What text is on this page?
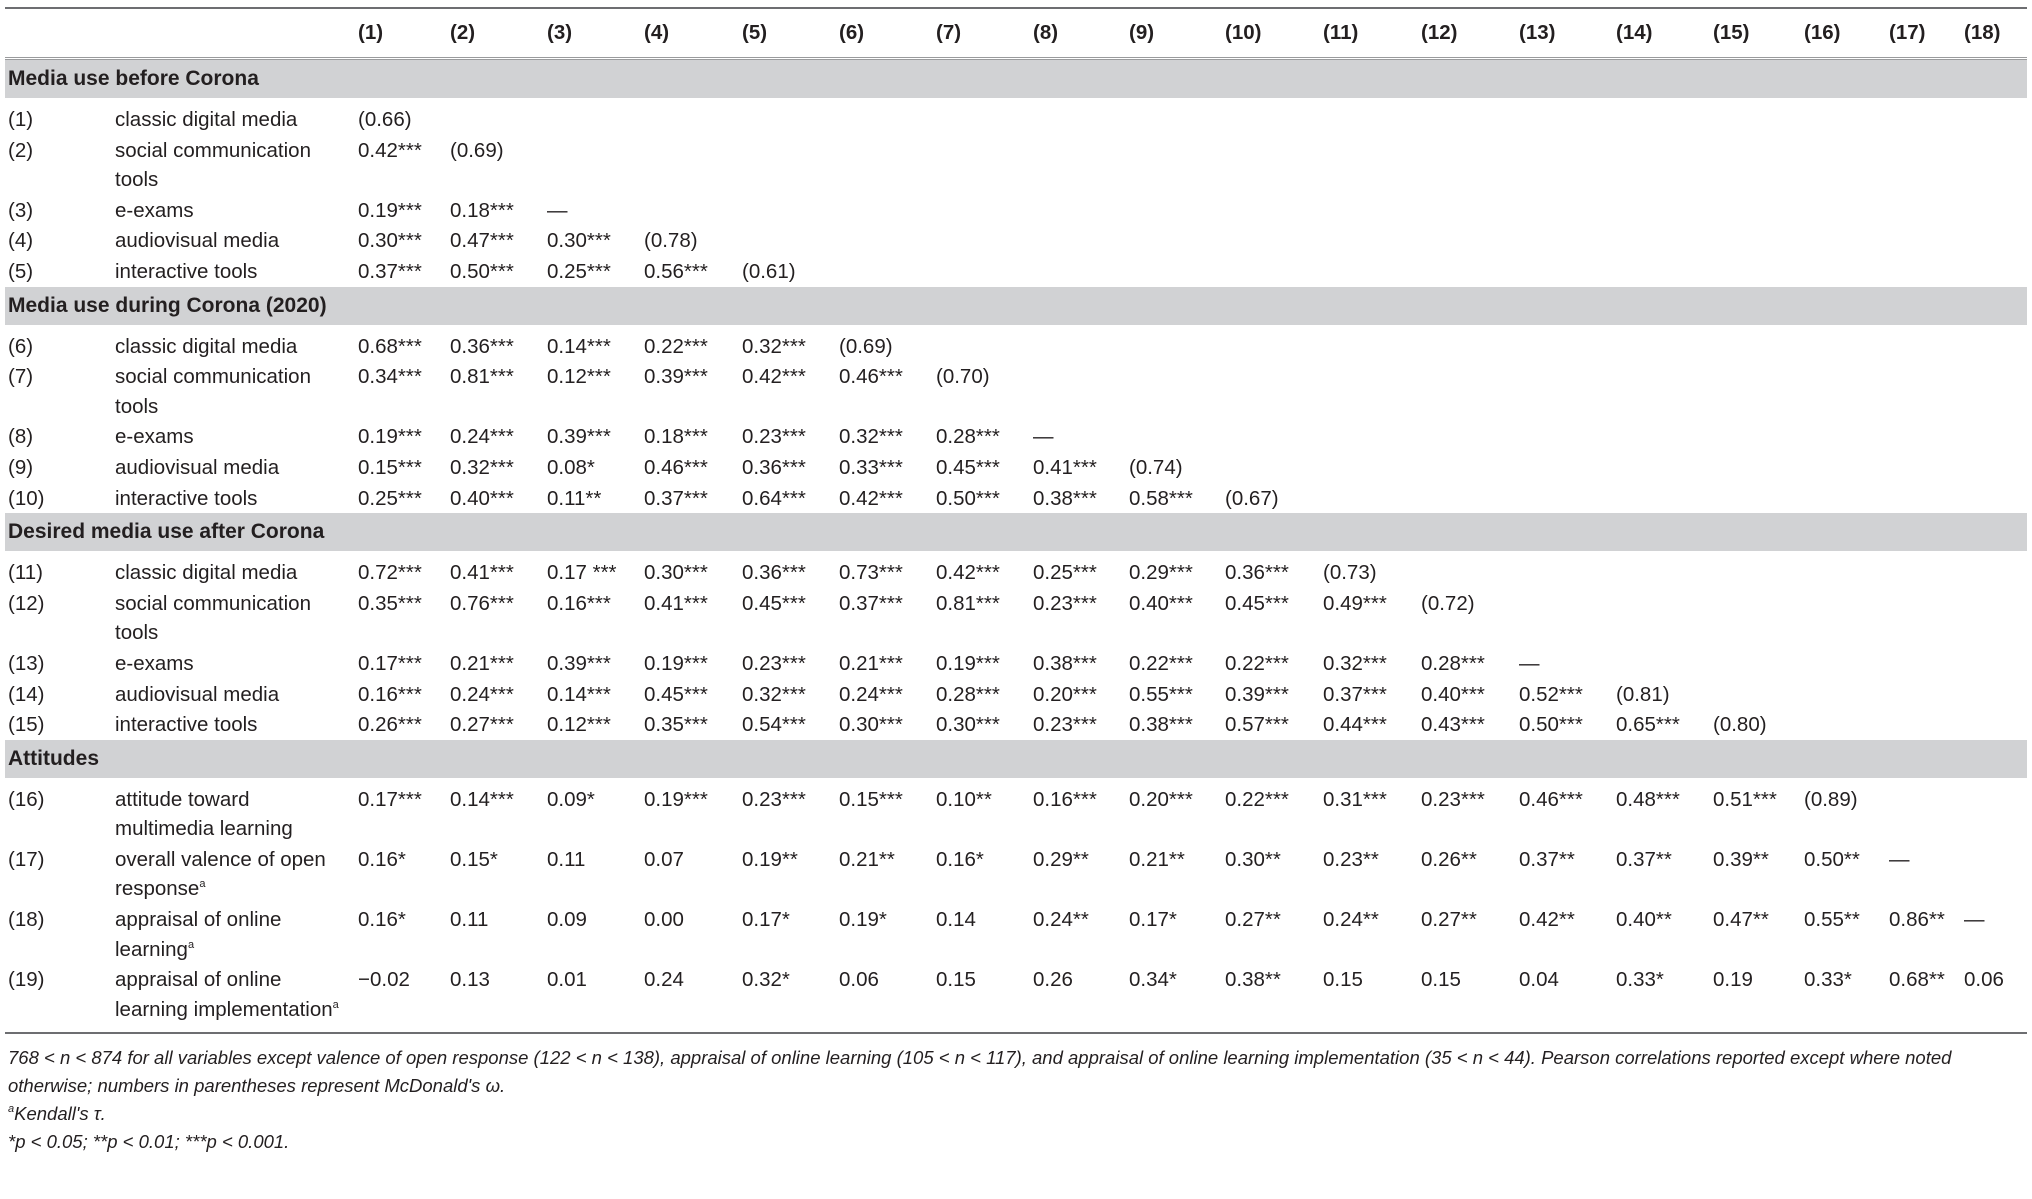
		(1)	(2)	(3)	(4)	(5)	(6)	(7)	(8)	(9)	(10)	(11)	(12)	(13)	(14)	(15)	(16)	(17)	(18)
Media use before Corona																			

(1)	classic digital media	(0.66)																	
(2)	social communication tools	0.42***	(0.69)																
(3)	e-exams	0.19***	0.18***	—															
(4)	audiovisual media	0.30***	0.47***	0.30***	(0.78)														
(5)	interactive tools	0.37***	0.50***	0.25***	0.56***	(0.61)													
Media use during Corona (2020)																			

(6)	classic digital media	0.68***	0.36***	0.14***	0.22***	0.32***	(0.69)												
(7)	social communication tools	0.34***	0.81***	0.12***	0.39***	0.42***	0.46***	(0.70)											
(8)	e-exams	0.19***	0.24***	0.39***	0.18***	0.23***	0.32***	0.28***	—										
(9)	audiovisual media	0.15***	0.32***	0.08*	0.46***	0.36***	0.33***	0.45***	0.41***	(0.74)									
(10)	interactive tools	0.25***	0.40***	0.11**	0.37***	0.64***	0.42***	0.50***	0.38***	0.58***	(0.67)								
Desired media use after Corona																			

(11)	classic digital media	0.72***	0.41***	0.17 ***	0.30***	0.36***	0.73***	0.42***	0.25***	0.29***	0.36***	(0.73)							
(12)	social communication tools	0.35***	0.76***	0.16***	0.41***	0.45***	0.37***	0.81***	0.23***	0.40***	0.45***	0.49***	(0.72)						
(13)	e-exams	0.17***	0.21***	0.39***	0.19***	0.23***	0.21***	0.19***	0.38***	0.22***	0.22***	0.32***	0.28***	—					
(14)	audiovisual media	0.16***	0.24***	0.14***	0.45***	0.32***	0.24***	0.28***	0.20***	0.55***	0.39***	0.37***	0.40***	0.52***	(0.81)				
(15)	interactive tools	0.26***	0.27***	0.12***	0.35***	0.54***	0.30***	0.30***	0.23***	0.38***	0.57***	0.44***	0.43***	0.50***	0.65***	(0.80)			
Attitudes																			

(16)	attitude toward multimedia learning	0.17***	0.14***	0.09*	0.19***	0.23***	0.15***	0.10**	0.16***	0.20***	0.22***	0.31***	0.23***	0.46***	0.48***	0.51***	(0.89)		
(17)	overall valence of open response$^a$	0.16*	0.15*	0.11	0.07	0.19**	0.21**	0.16*	0.29**	0.21**	0.30**	0.23**	0.26**	0.37**	0.37**	0.39**	0.50**	—	
(18)	appraisal of online learning$^a$	0.16*	0.11	0.09	0.00	0.17*	0.19*	0.14	0.24**	0.17*	0.27**	0.24**	0.27**	0.42**	0.40**	0.47**	0.55**	0.86**	—
(19)	appraisal of online learning implementation$^a$	−0.02	0.13	0.01	0.24	0.32*	0.06	0.15	0.26	0.34*	0.38**	0.15	0.15	0.04	0.33*	0.19	0.33*	0.68**	0.06

768 < n < 874 for all variables except valence of open response (122 < n < 138), appraisal of online learning (105 < n < 117), and appraisal of online learning implementation (35 < n < 44). Pearson correlations reported except where noted otherwise; numbers in parentheses represent McDonald's ω.

$^a$Kendall's τ.

*p < 0.05; **p < 0.01; ***p < 0.001.
